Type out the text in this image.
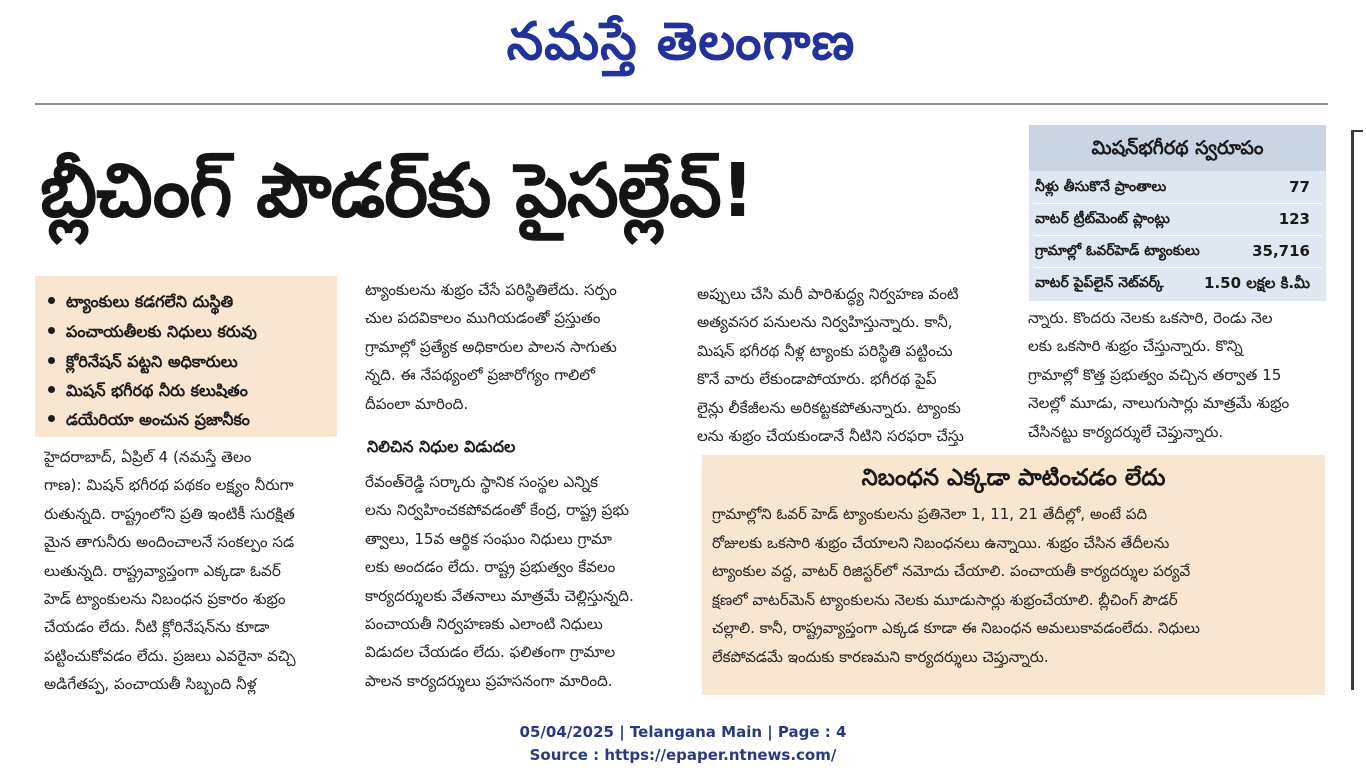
నమస్తే తెలంగాణ
బ్లీచింగ్ పౌడర్‌కు పైసల్లేవ్!	మిషన్‌భగీరథ స్వరూపం
నీళ్లు తీసుకొనే ప్రాంతాలు	77
వాటర్ ట్రీట్‌మెంట్ ప్లాంట్లు	123
గ్రామాల్లో ఓవర్‌హెడ్ ట్యాంకులు	35,716
వాటర్ పైప్‌లైన్ నెట్‌వర్క్	1.50 లక్షల కి.మీ
ట్యాంకులు కడగలేని దుస్థితి
పంచాయతీలకు నిధులు కరువు
క్లోరినేషన్ పట్టని అధికారులు
మిషన్ భగీరథ నీరు కలుషితం
డయేరియా అంచున ప్రజానీకం
హైదరాబాద్, ఏప్రిల్ 4 (నమస్తే తెలం
గాణ): మిషన్ భగీరథ పథకం లక్ష్యం నీరుగా
రుతున్నది. రాష్ట్రంలోని ప్రతి ఇంటికీ సురక్షిత
మైన తాగునీరు అందించాలనే సంకల్పం సడ
లుతున్నది. రాష్ట్రవ్యాప్తంగా ఎక్కడా ఓవర్
హెడ్ ట్యాంకులను నిబంధన ప్రకారం శుభ్రం
చేయడం లేదు. నీటి క్లోరినేషన్‌ను కూడా
పట్టించుకోవడం లేదు. ప్రజలు ఎవరైనా వచ్చి
అడిగేతప్ప, పంచాయతీ సిబ్బంది నీళ్ల
ట్యాంకులను శుభ్రం చేసే పరిస్థితిలేదు. సర్పం
చుల పదవికాలం ముగియడంతో ప్రస్తుతం
గ్రామాల్లో ప్రత్యేక అధికారుల పాలన సాగుతు
న్నది. ఈ నేపథ్యంలో ప్రజారోగ్యం గాలిలో
దీపంలా మారింది.
నిలిచిన నిధుల విడుదల
రేవంత్‌రెడ్డి సర్కారు స్థానిక సంస్థల ఎన్నిక
లను నిర్వహించకపోవడంతో కేంద్ర, రాష్ట్ర ప్రభు
త్వాలు, 15వ ఆర్థిక సంఘం నిధులు గ్రామా
లకు అందడం లేదు. రాష్ట్ర ప్రభుత్వం కేవలం
కార్యదర్శులకు వేతనాలు మాత్రమే చెల్లిస్తున్నది.
పంచాయతీ నిర్వహణకు ఎలాంటి నిధులు
విడుదల చేయడం లేదు. ఫలితంగా గ్రామాల
పాలన కార్యదర్శులు ప్రహసనంగా మారింది.
అప్పులు చేసి మరీ పారిశుద్ధ్య నిర్వహణ వంటి
అత్యవసర పనులను నిర్వహిస్తున్నారు. కానీ,
మిషన్ భగీరథ నీళ్ల ట్యాంకు పరిస్థితి పట్టించు
కొనే వారు లేకుండాపోయారు. భగీరథ పైప్
లైన్లు లీకేజీలను అరికట్టకపోతున్నారు. ట్యాంకు
లను శుభ్రం చేయకుండానే నీటిని సరఫరా చేస్తు
న్నారు. కొందరు నెలకు ఒకసారి, రెండు నెల
లకు ఒకసారి శుభ్రం చేస్తున్నారు. కొన్ని
గ్రామాల్లో కొత్త ప్రభుత్వం వచ్చిన తర్వాత 15
నెలల్లో మూడు, నాలుగుసార్లు మాత్రమే శుభ్రం
చేసినట్టు కార్యదర్శులే చెప్తున్నారు.
నిబంధన ఎక్కడా పాటించడం లేదు
గ్రామాల్లోని ఓవర్ హెడ్ ట్యాంకులను ప్రతినెలా 1, 11, 21 తేదీల్లో, అంటే పది
రోజులకు ఒకసారి శుభ్రం చేయాలని నిబంధనలు ఉన్నాయి. శుభ్రం చేసిన తేదీలను
ట్యాంకుల వద్ద, వాటర్ రిజిస్టర్‌లో నమోదు చేయాలి. పంచాయతీ కార్యదర్శుల పర్యవే
క్షణలో వాటర్‌మెన్ ట్యాంకులను నెలకు మూడుసార్లు శుభ్రంచేయాలి. బ్లీచింగ్ పౌడర్
చల్లాలి. కానీ, రాష్ట్రవ్యాప్తంగా ఎక్కడ కూడా ఈ నిబంధన అమలుకావడంలేదు. నిధులు
లేకపోవడమే ఇందుకు కారణమని కార్యదర్శులు చెప్తున్నారు.
05/04/2025 | Telangana Main | Page : 4
Source : https://epaper.ntnews.com/
